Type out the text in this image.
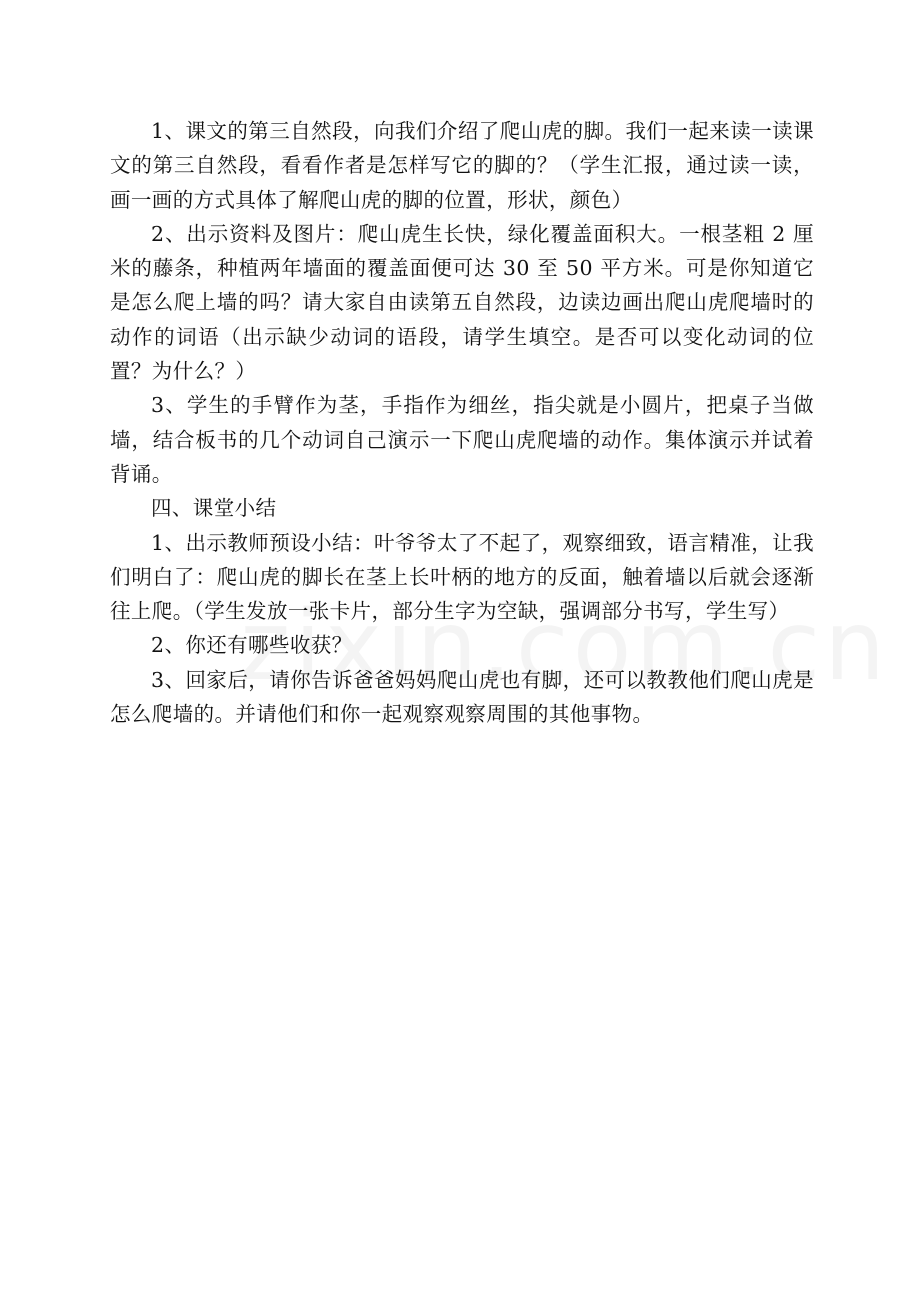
1、课文的第三自然段，向我们介绍了爬山虎的脚。我们一起来读一读课文的第三自然段，看看作者是怎样写它的脚的？（学生汇报，通过读一读，画一画的方式具体了解爬山虎的脚的位置，形状，颜色）

2、出示资料及图片：爬山虎生长快，绿化覆盖面积大。一根茎粗 2 厘米的藤条，种植两年墙面的覆盖面便可达 30 至 50 平方米。可是你知道它是怎么爬上墙的吗？请大家自由读第五自然段，边读边画出爬山虎爬墙时的动作的词语（出示缺少动词的语段，请学生填空。是否可以变化动词的位置？为什么？）

3、学生的手臂作为茎，手指作为细丝，指尖就是小圆片，把桌子当做墙，结合板书的几个动词自己演示一下爬山虎爬墙的动作。集体演示并试着背诵。

四、课堂小结

1、出示教师预设小结：叶爷爷太了不起了，观察细致，语言精准，让我们明白了：爬山虎的脚长在茎上长叶柄的地方的反面，触着墙以后就会逐渐往上爬。（学生发放一张卡片，部分生字为空缺，强调部分书写，学生写）

2、你还有哪些收获？

3、回家后，请你告诉爸爸妈妈爬山虎也有脚，还可以教教他们爬山虎是怎么爬墙的。并请他们和你一起观察观察周围的其他事物。
